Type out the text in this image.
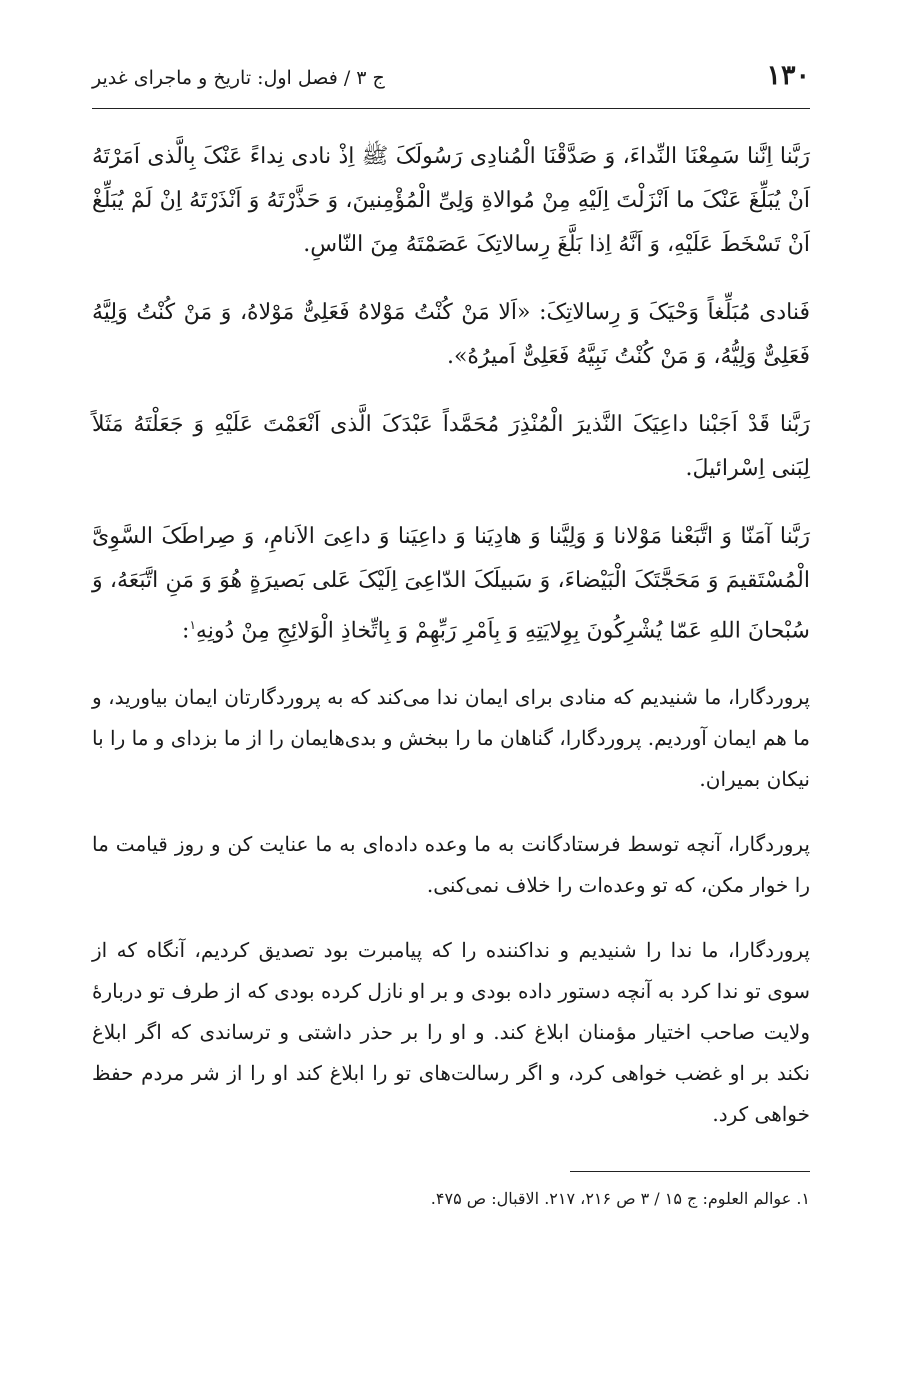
۱۳۰
ج ۳ / فصل اول: تاریخ و ماجرای غدیر

رَبَّنا اِنَّنا سَمِعْنَا النِّداءَ، وَ صَدَّقْنَا الْمُنادِی رَسُولَکَ ﷺ اِذْ نادی نِداءً عَنْکَ بِالَّذی اَمَرْتَهُ اَنْ یُبَلِّغَ عَنْکَ ما اَنْزَلْتَ اِلَیْهِ مِنْ مُوالاةِ وَلِیِّ الْمُؤْمِنینَ، وَ حَذَّرْتَهُ وَ اَنْذَرْتَهُ اِنْ لَمْ یُبَلِّغْ اَنْ تَسْخَطَ عَلَیْهِ، وَ اَنَّهُ اِذا بَلَّغَ رِسالاتِکَ عَصَمْتَهُ مِنَ النّاسِ.

فَنادی مُبَلِّغاً وَحْیَکَ وَ رِسالاتِکَ: «اَلا مَنْ کُنْتُ مَوْلاهُ فَعَلِیٌّ مَوْلاهُ، وَ مَنْ کُنْتُ وَلِیَّهُ فَعَلِیٌّ وَلِیُّهُ، وَ مَنْ کُنْتُ نَبِیَّهُ فَعَلِیٌّ اَمیرُهُ».

رَبَّنا قَدْ اَجَبْنا داعِیَکَ النَّذیرَ الْمُنْذِرَ مُحَمَّداً عَبْدَکَ الَّذی اَنْعَمْتَ عَلَیْهِ وَ جَعَلْتَهُ مَثَلاً لِبَنی اِسْرائیلَ.

رَبَّنا آمَنّا وَ اتَّبَعْنا مَوْلانا وَ وَلِیَّنا وَ هادِیَنا وَ داعِیَنا وَ داعِیَ الاَنامِ، وَ صِراطَکَ السَّوِیَّ الْمُسْتَقیمَ وَ مَحَجَّتَکَ الْبَیْضاءَ، وَ سَبیلَکَ الدّاعِیَ اِلَیْکَ عَلی بَصیرَةٍ هُوَ وَ مَنِ اتَّبَعَهُ، وَ سُبْحانَ اللهِ عَمّا یُشْرِکُونَ بِوِلایَتِهِ وَ بِاَمْرِ رَبِّهِمْ وَ بِاتِّخاذِ الْوَلائِجِ مِنْ دُونِهِ$^۱$:

پروردگارا، ما شنیدیم که منادی برای ایمان ندا می‌کند که به پروردگارتان ایمان بیاورید، و ما هم ایمان آوردیم. پروردگارا، گناهان ما را ببخش و بدی‌هایمان را از ما بزدای و ما را با نیکان بمیران.

پروردگارا، آنچه توسط فرستادگانت به ما وعده داده‌ای به ما عنایت کن و روز قیامت ما را خوار مکن، که تو وعده‌ات را خلاف نمی‌کنی.

پروردگارا، ما ندا را شنیدیم و نداکننده را که پیامبرت بود تصدیق کردیم، آنگاه که از سوی تو ندا کرد به آنچه دستور داده بودی و بر او نازل کرده بودی که از طرف تو دربارهٔ ولایت صاحب اختیار مؤمنان ابلاغ کند. و او را بر حذر داشتی و ترساندی که اگر ابلاغ نکند بر او غضب خواهی کرد، و اگر رسالت‌های تو را ابلاغ کند او را از شر مردم حفظ خواهی کرد.

۱. عوالم العلوم: ج ۱۵ / ۳ ص ۲۱۶، ۲۱۷. الاقبال: ص ۴۷۵.
